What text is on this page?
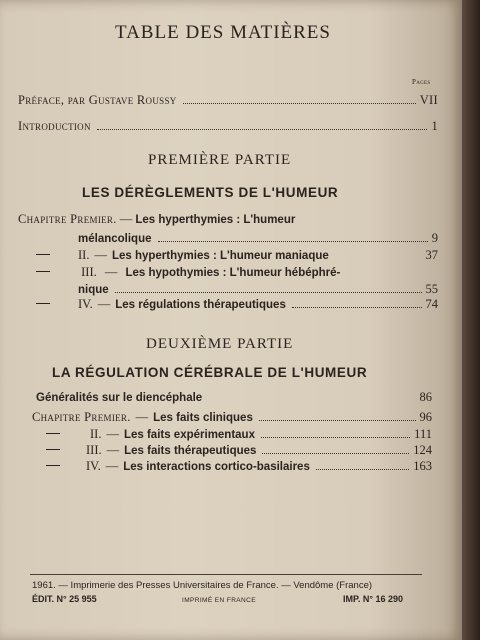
TABLE DES MATIÈRES
Pages
Préface, par Gustave Roussy	VII
Introduction	1
PREMIÈRE PARTIE
LES DÉRÈGLEMENTS DE L'HUMEUR
Chapitre Premier. — Les hyperthymies : L'humeur
mélancolique	9
II. — Les hyperthymies : L'humeur maniaque	37
III. — Les hypothymies : L'humeur hébéphré-
nique	55
IV. — Les régulations thérapeutiques	74
DEUXIÈME PARTIE
LA RÉGULATION CÉRÉBRALE DE L'HUMEUR
Généralités sur le diencéphale	86
Chapitre Premier. — Les faits cliniques	96
II. — Les faits expérimentaux	111
III. — Les faits thérapeutiques	124
IV. — Les interactions cortico-basilaires	163
1961. — Imprimerie des Presses Universitaires de France. — Vendôme (France)
ÉDIT. N° 25 955	IMPRIMÉ EN FRANCE	IMP. N° 16 290
